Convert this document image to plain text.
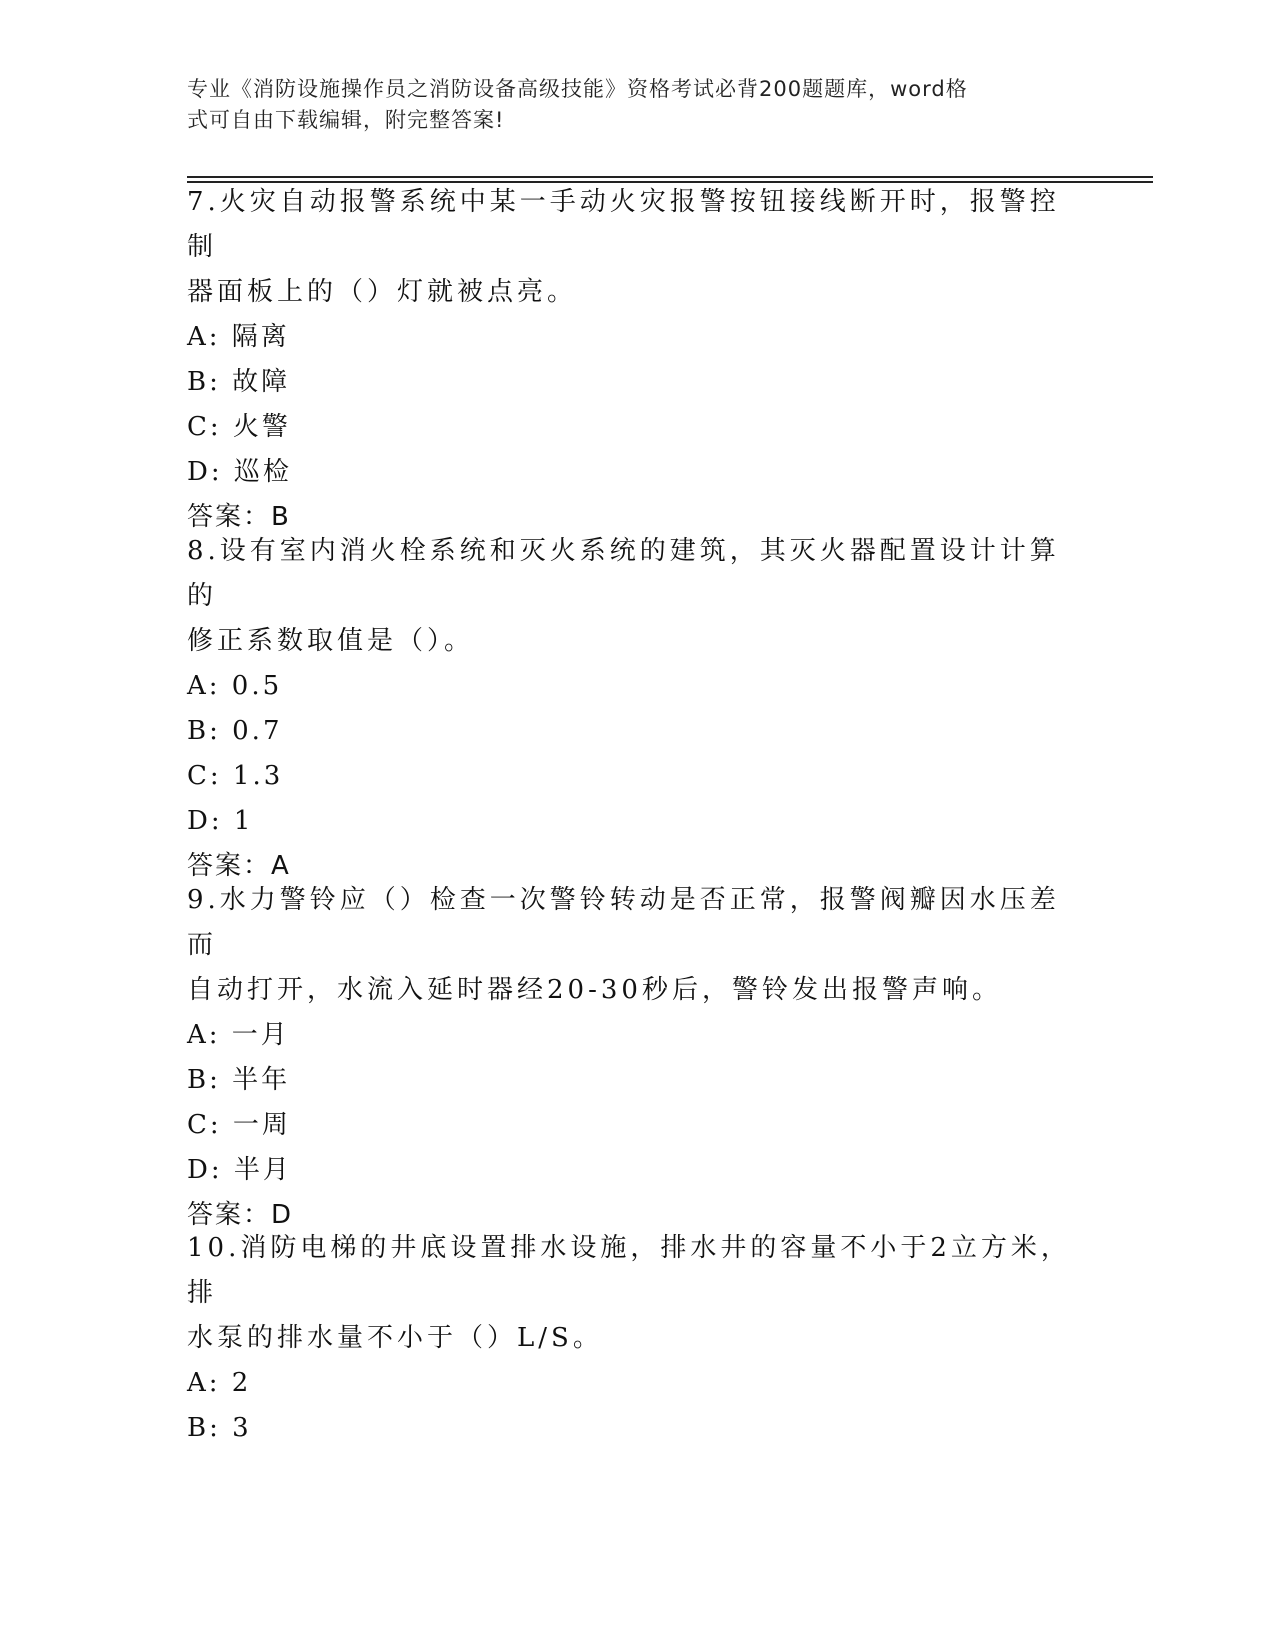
专业《消防设施操作员之消防设备高级技能》资格考试必背200题题库，word格
式可自由下载编辑，附完整答案!

7.火灾自动报警系统中某一手动火灾报警按钮接线断开时，报警控制

器面板上的（）灯就被点亮。

A: 隔离

B: 故障

C: 火警

D: 巡检

答案：B

8.设有室内消火栓系统和灭火系统的建筑，其灭火器配置设计计算的

修正系数取值是（）。

A: 0.5

B: 0.7

C: 1.3

D: 1

答案：A

9.水力警铃应（）检查一次警铃转动是否正常，报警阀瓣因水压差而

自动打开，水流入延时器经20-30秒后，警铃发出报警声响。

A: 一月

B: 半年

C: 一周

D: 半月

答案：D

10.消防电梯的井底设置排水设施，排水井的容量不小于2立方米，排

水泵的排水量不小于（）L/S。

A: 2

B: 3
